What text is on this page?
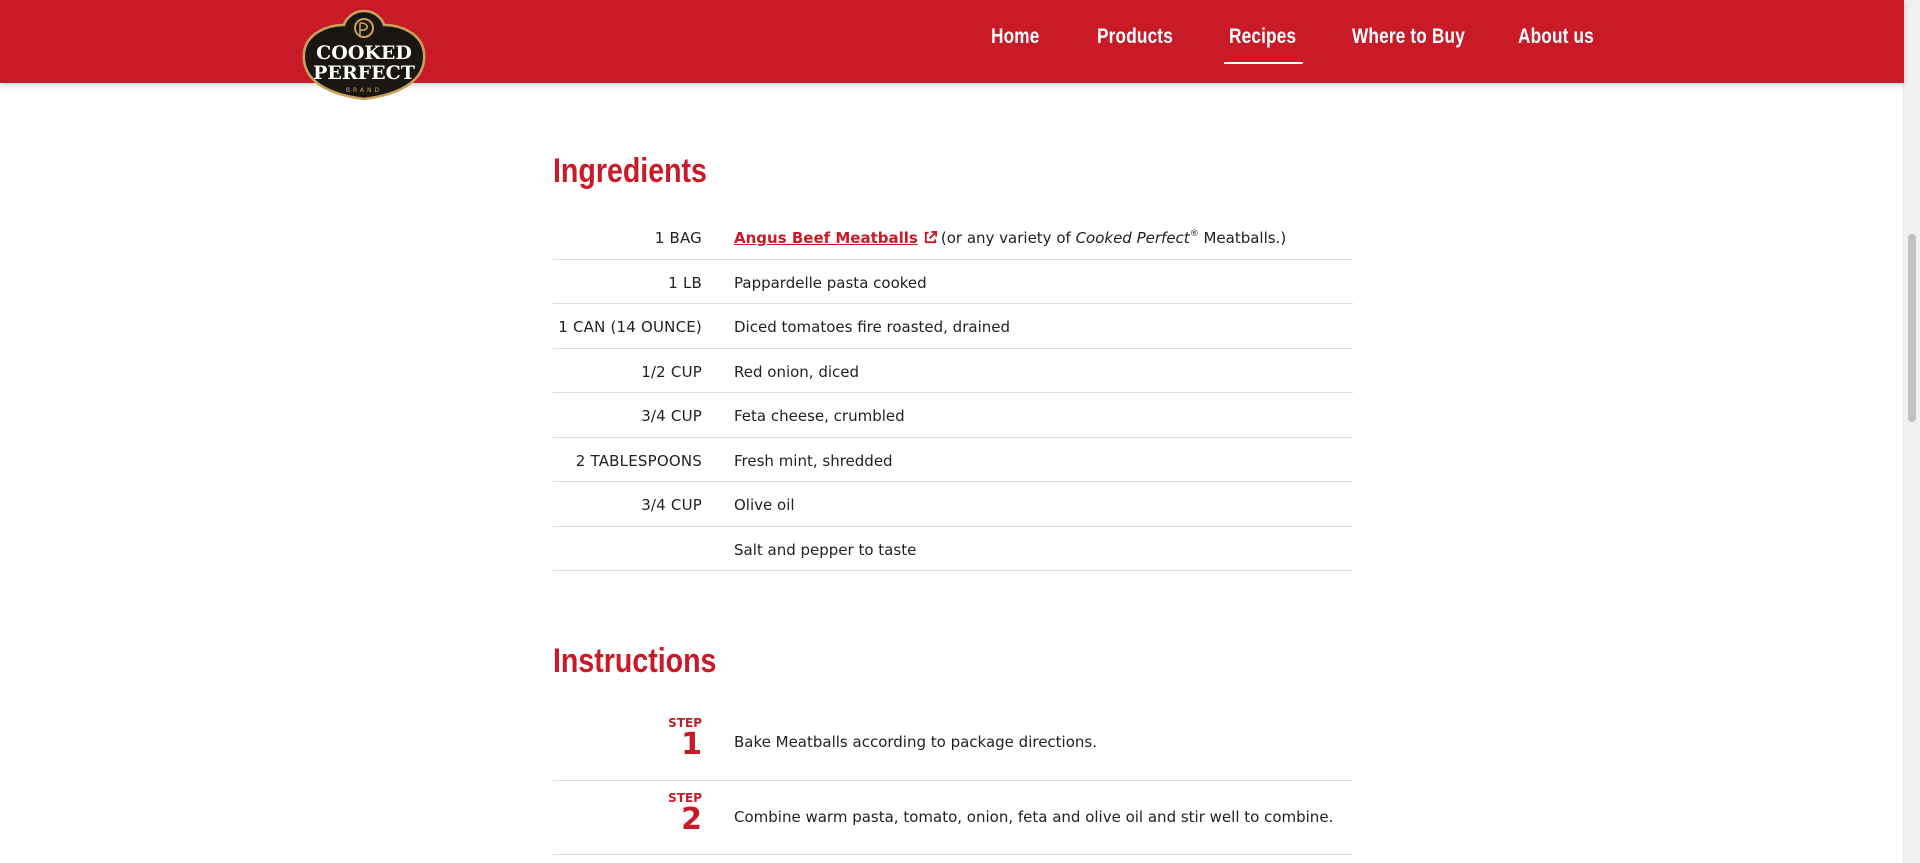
Home	Products	Recipes	Where to Buy	About us
COOKED
PERFECT
BRAND
Ingredients
1 BAG Angus Beef Meatballs (or any variety of Cooked Perfect® Meatballs.)
1 LB Pappardelle pasta cooked
1 CAN (14 OUNCE) Diced tomatoes fire roasted, drained
1/2 CUP Red onion, diced
3/4 CUP Feta cheese, crumbled
2 TABLESPOONS Fresh mint, shredded
3/4 CUP Olive oil
Salt and pepper to taste
Instructions
STEP
1 Bake Meatballs according to package directions.
STEP
2 Combine warm pasta, tomato, onion, feta and olive oil and stir well to combine.
